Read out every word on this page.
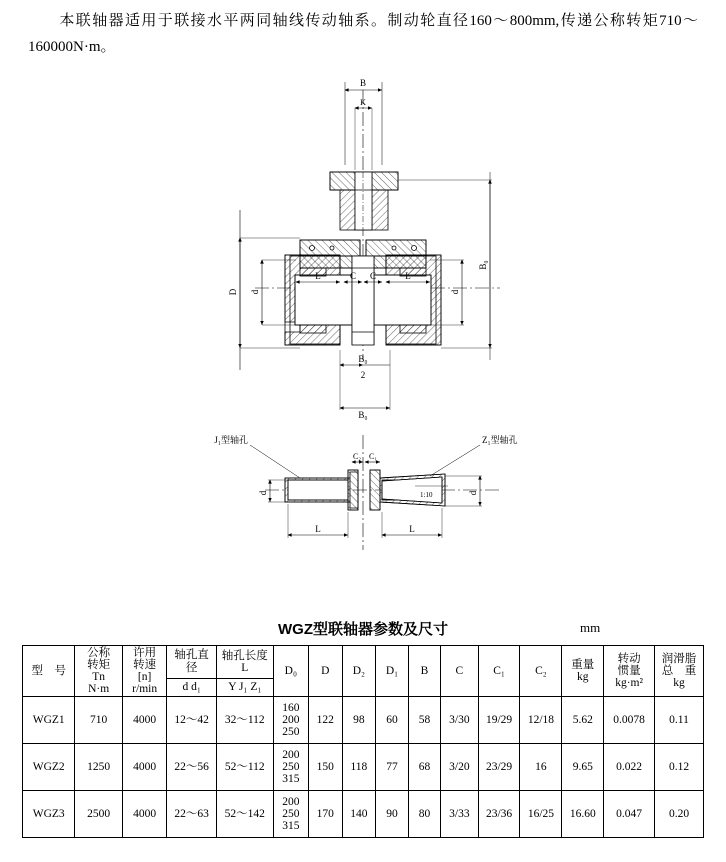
本联轴器适用于联接水平两同轴线传动轴系。制动轮直径160～800mm,传递公称转矩710～160000N·m。
B
K
D d
L	C C	L
d
B₀
B₀
2
B₀
1:10
J₁型轴孔	Z₁型轴孔
C₂ C₁
d	d
L	L
WGZ型联轴器参数及尺寸	mm
型　号	公称
转矩
Tn
N·m	许用
转速
[n]
r/min	轴孔直径	轴孔长度
L	D₀	D	D₂	D₁	B	C	C₁	C₂	重量
kg	转动
惯量
kg·m²	润滑脂
总　重
kg

			d d₁	Y J₁ Z₁											
WGZ1	710	4000	12～42	32～112	160
200
250	122	98	60	58	3/30	19/29	12/18	5.62	0.0078	0.11
WGZ2	1250	4000	22～56	52～112	200
250
315	150	118	77	68	3/20	23/29	16	9.65	0.022	0.12
WGZ3	2500	4000	22～63	52～142	200
250
315	170	140	90	80	3/33	23/36	16/25	16.60	0.047	0.20
